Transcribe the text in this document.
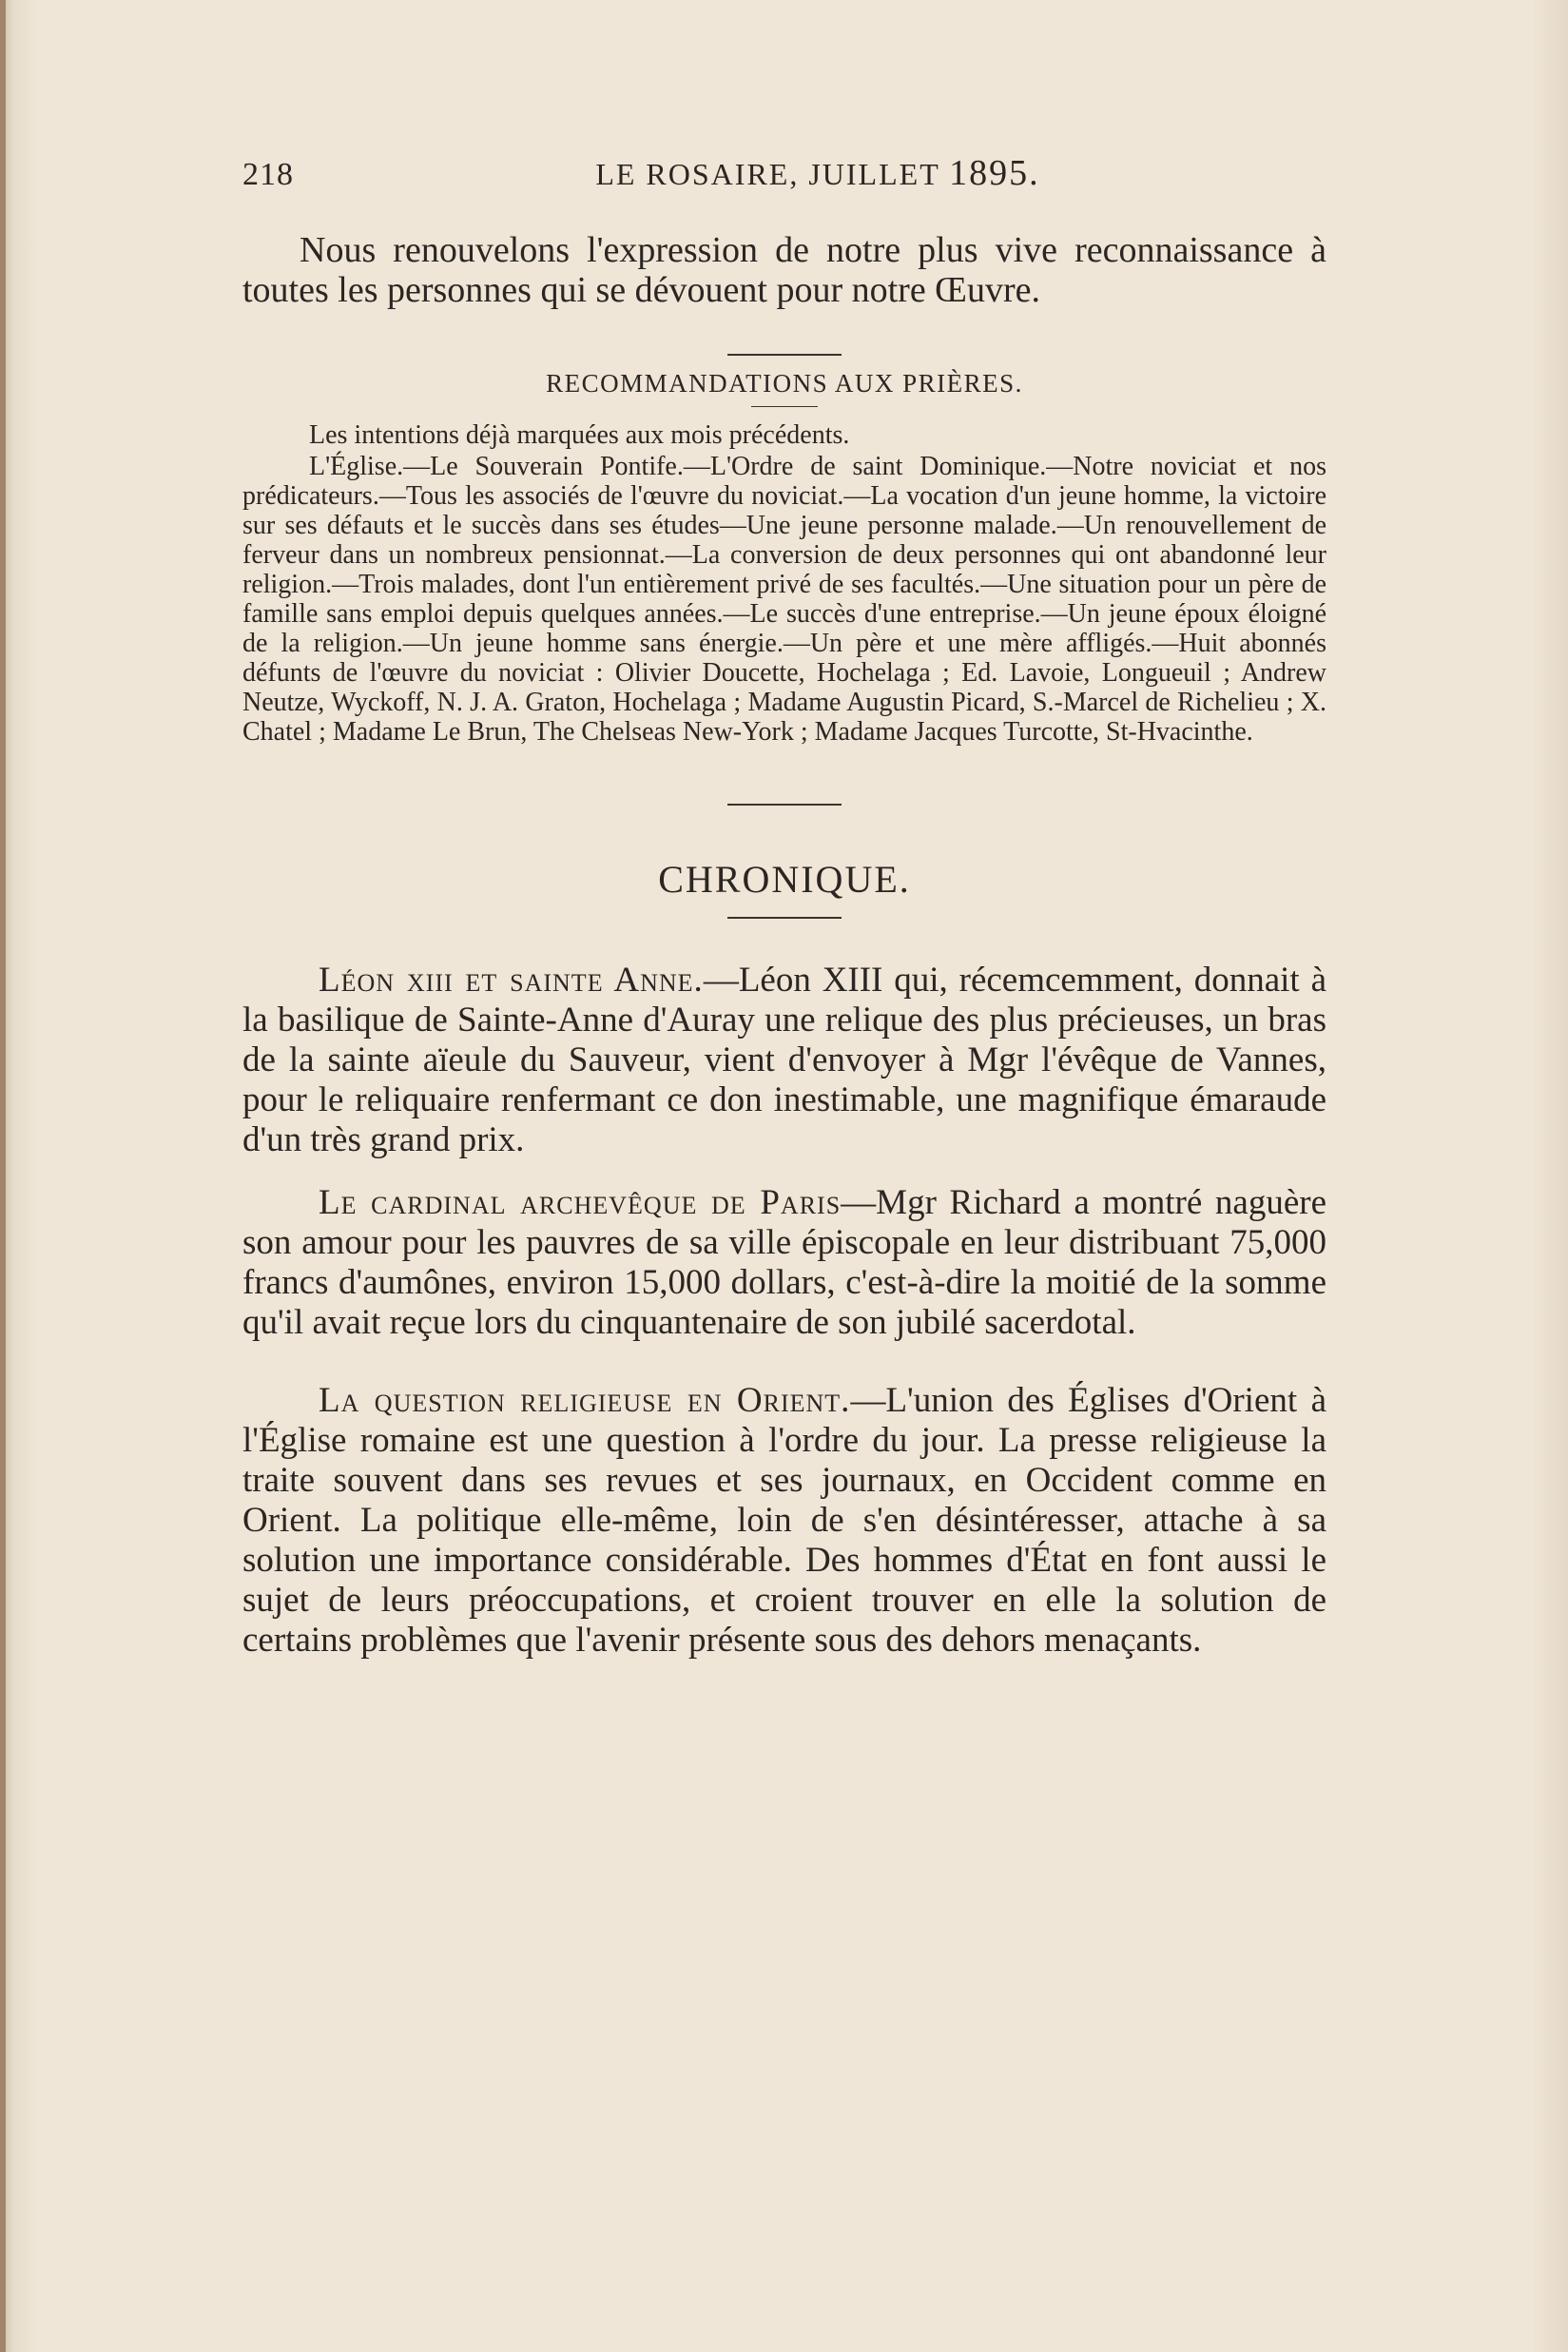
218	LE ROSAIRE, JUILLET 1895.

Nous renouvelons l'expression de notre plus vive reconnaissance à toutes les personnes qui se dévouent pour notre Œuvre.

RECOMMANDATIONS AUX PRIÈRES.

Les intentions déjà marquées aux mois précédents.

L'Église.—Le Souverain Pontife.—L'Ordre de saint Dominique.—Notre noviciat et nos prédicateurs.—Tous les associés de l'œuvre du noviciat.—La vocation d'un jeune homme, la victoire sur ses défauts et le succès dans ses études—Une jeune personne malade.—Un renouvellement de ferveur dans un nombreux pensionnat.—La conversion de deux personnes qui ont abandonné leur religion.—Trois malades, dont l'un entièrement privé de ses facultés.—Une situation pour un père de famille sans emploi depuis quelques années.—Le succès d'une entreprise.—Un jeune époux éloigné de la religion.—Un jeune homme sans énergie.—Un père et une mère affligés.—Huit abonnés défunts de l'œuvre du noviciat : Olivier Doucette, Hochelaga ; Ed. Lavoie, Longueuil ; Andrew Neutze, Wyckoff, N. J. A. Graton, Hochelaga ; Madame Augustin Picard, S.-Marcel de Richelieu ; X. Chatel ; Madame Le Brun, The Chelseas New-York ; Madame Jacques Turcotte, St-Hvacinthe.

CHRONIQUE.

Léon xiii et sainte Anne.—Léon XIII qui, récemcemment, donnait à la basilique de Sainte-Anne d'Auray une relique des plus précieuses, un bras de la sainte aïeule du Sauveur, vient d'envoyer à Mgr l'évêque de Vannes, pour le reliquaire renfermant ce don inestimable, une magnifique émaraude d'un très grand prix.

Le cardinal archevêque de Paris—Mgr Richard a montré naguère son amour pour les pauvres de sa ville épiscopale en leur distribuant 75,000 francs d'aumônes, environ 15,000 dollars, c'est-à-dire la moitié de la somme qu'il avait reçue lors du cinquantenaire de son jubilé sacerdotal.

La question religieuse en Orient.—L'union des Églises d'Orient à l'Église romaine est une question à l'ordre du jour. La presse religieuse la traite souvent dans ses revues et ses journaux, en Occident comme en Orient. La politique elle-même, loin de s'en désintéresser, attache à sa solution une importance considérable. Des hommes d'État en font aussi le sujet de leurs préoccupations, et croient trouver en elle la solution de certains problèmes que l'avenir présente sous des dehors menaçants.
